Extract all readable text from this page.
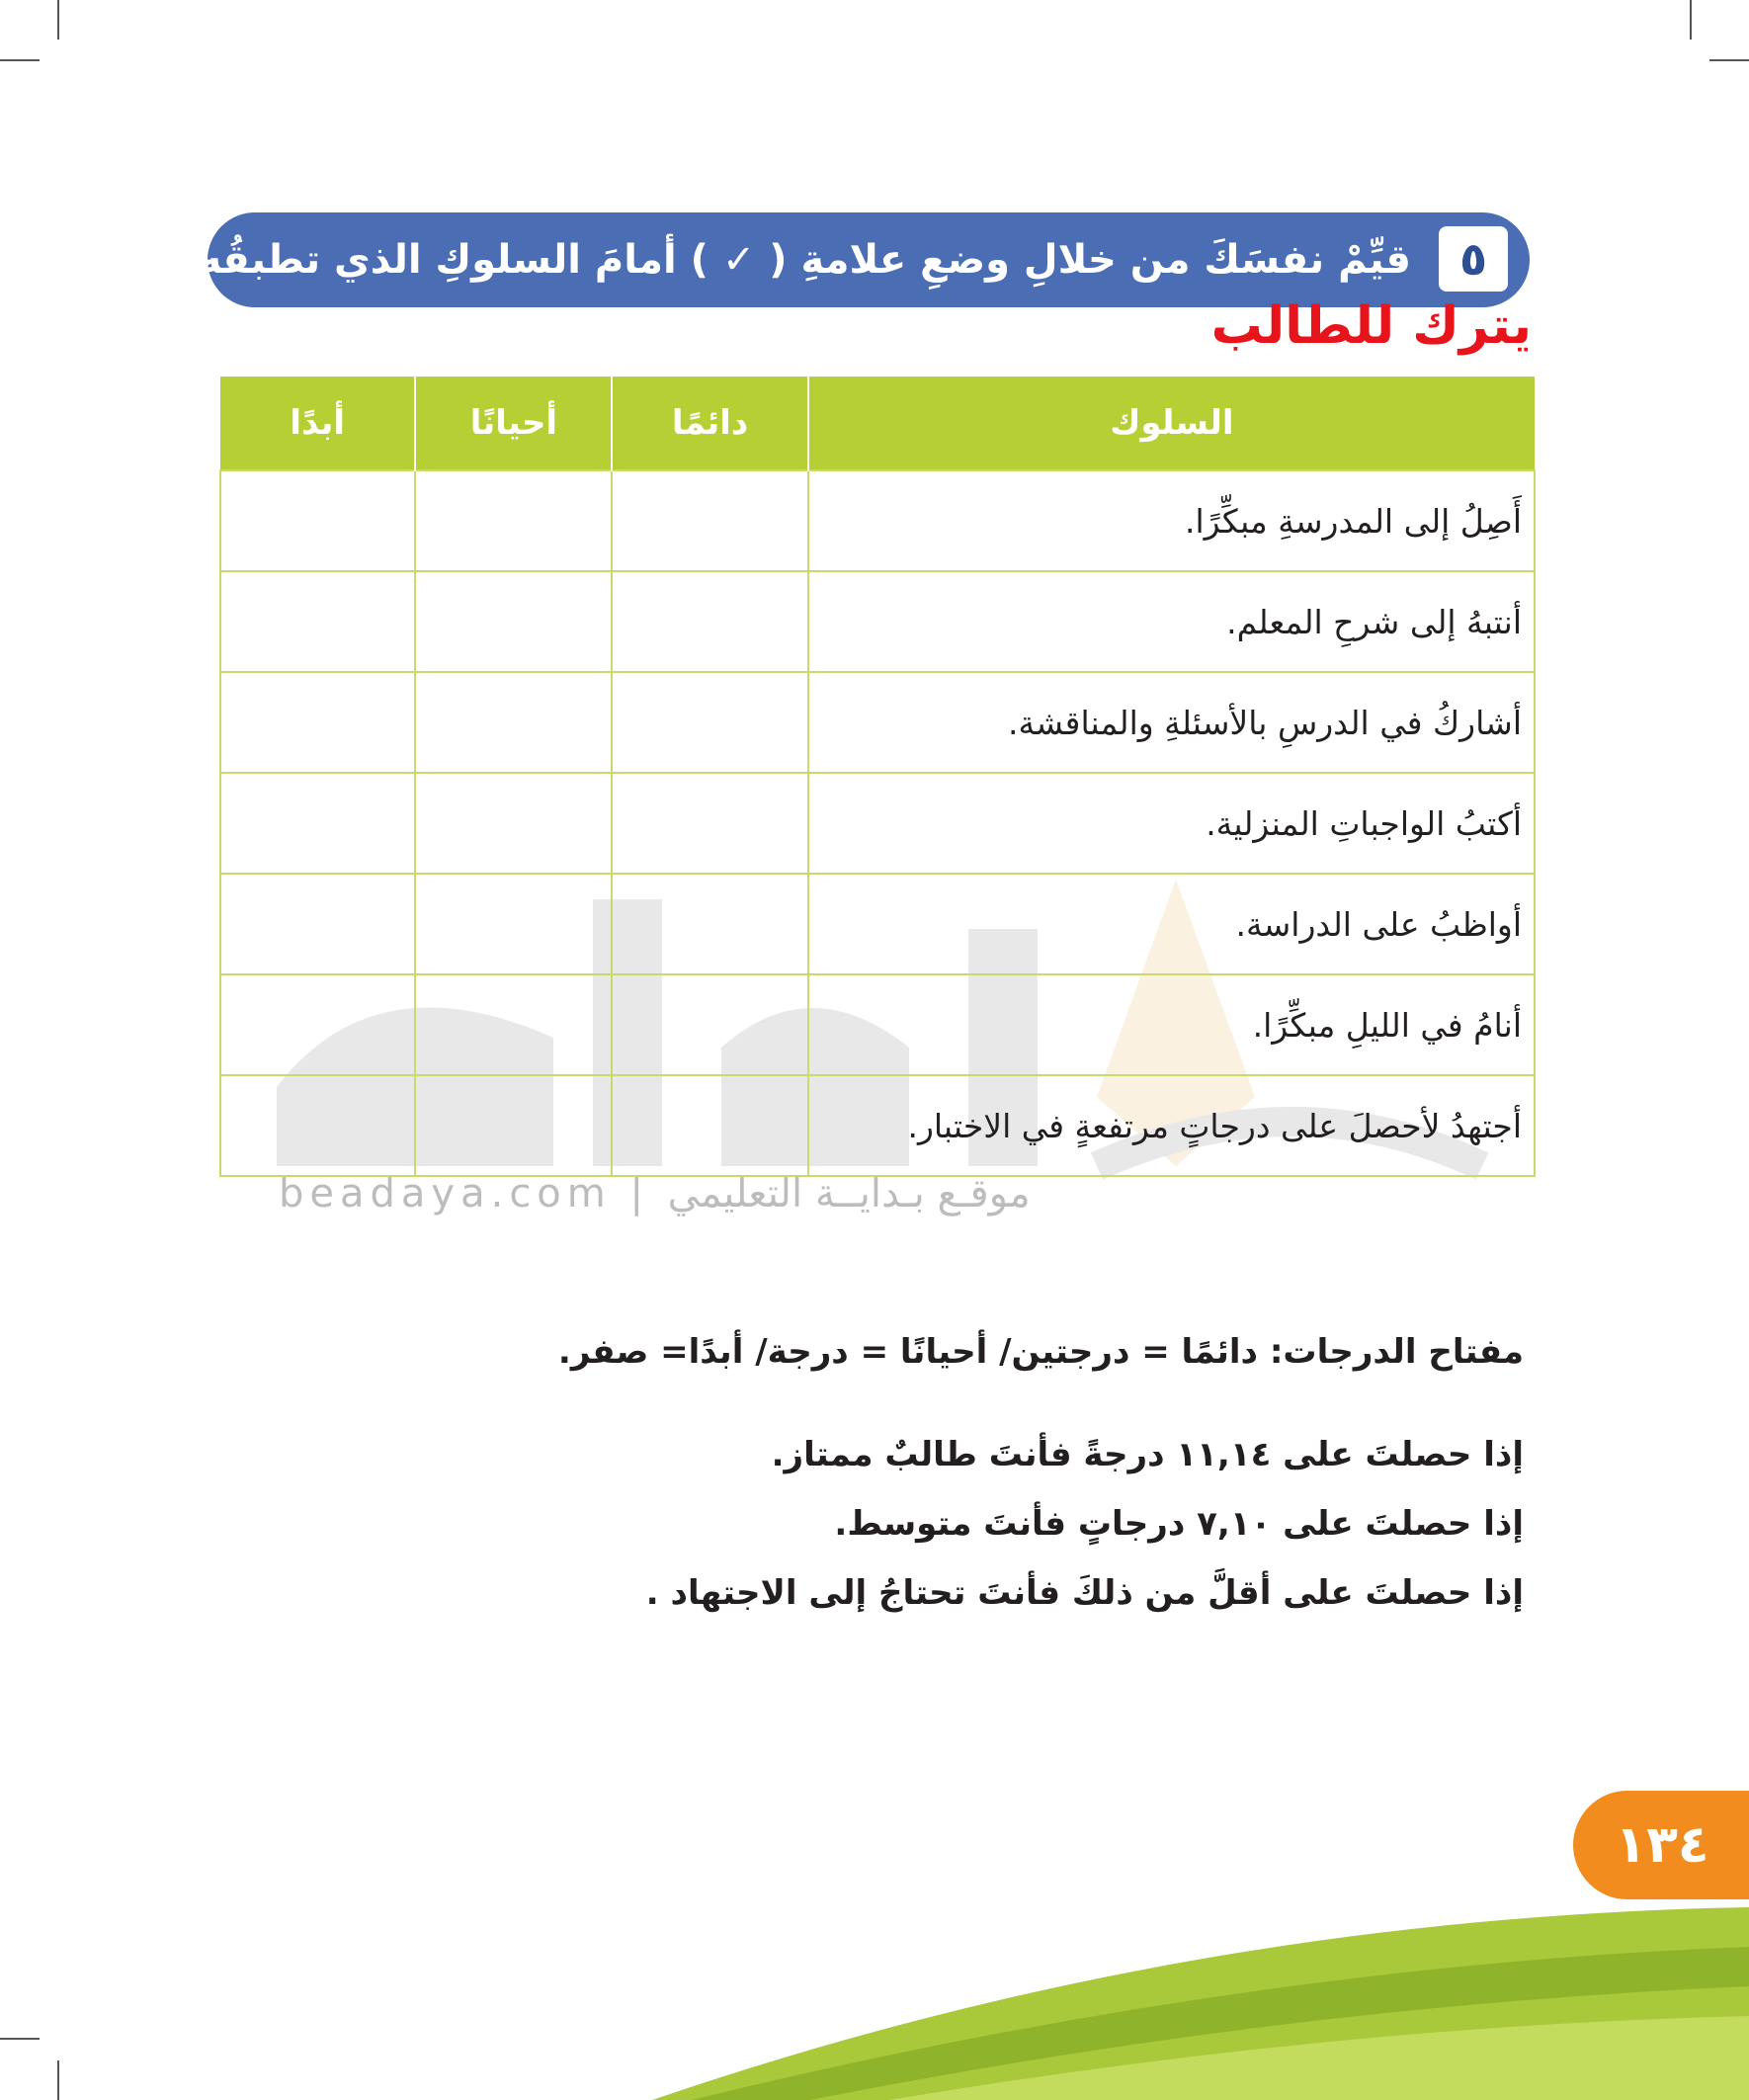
beadaya.com | موقـع بـدايــة التعليمي
٥
قيِّمْ نفسَكَ من خلالِ وضعِ علامةِ ( ✓ ) أمامَ السلوكِ الذي تطبقُه :
يترك للطالب
السلوك	دائمًا	أحيانًا	أبدًا
أَصِلُ إلى المدرسةِ مبكِّرًا.			
أنتبهُ إلى شرحِ المعلم.			
أشاركُ في الدرسِ بالأسئلةِ والمناقشة.			
أكتبُ الواجباتِ المنزلية.			
أواظبُ على الدراسة.			
أنامُ في الليلِ مبكِّرًا.			
أجتهدُ لأحصلَ على درجاتٍ مرتفعةٍ في الاختبار.			
مفتاح الدرجات: دائمًا = درجتين/ أحيانًا = درجة/ أبدًا= صفر.
إذا حصلتَ على ١١,١٤ درجةً فأنتَ طالبٌ ممتاز.
إذا حصلتَ على ٧,١٠ درجاتٍ فأنتَ متوسط.
إذا حصلتَ على أقلَّ من ذلكَ فأنتَ تحتاجُ إلى الاجتهاد .
١٣٤
